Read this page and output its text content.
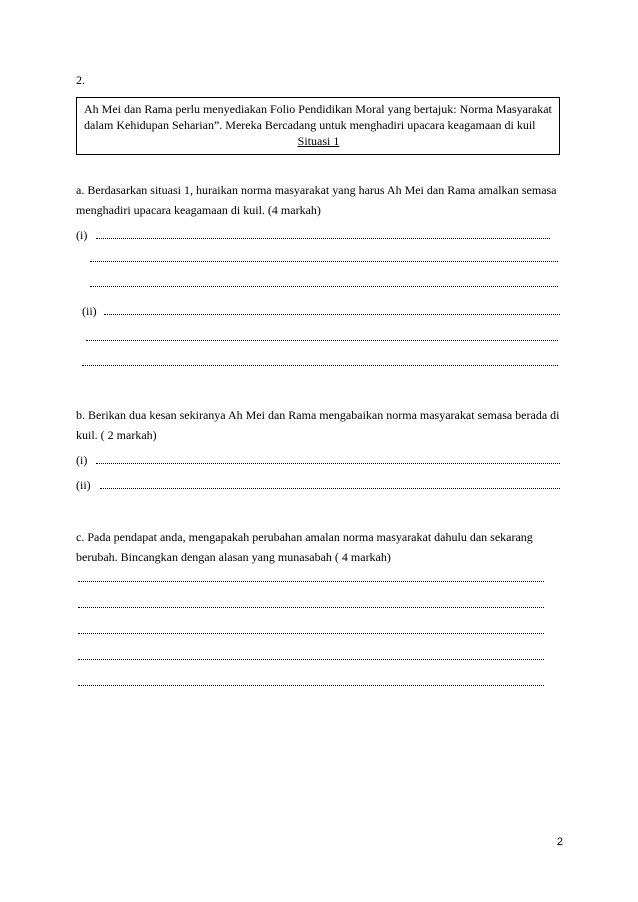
2.
Ah Mei dan Rama perlu menyediakan Folio Pendidikan Moral yang bertajuk: Norma Masyarakat
dalam Kehidupan Seharian”. Mereka Bercadang untuk menghadiri upacara keagamaan di kuil
Situasi 1
a. Berdasarkan situasi 1, huraikan norma masyarakat yang harus Ah Mei dan Rama amalkan semasa
menghadiri upacara keagamaan di kuil. (4 markah)
(i)
(ii)
b. Berikan dua kesan sekiranya Ah Mei dan Rama mengabaikan norma masyarakat semasa berada di
kuil. ( 2 markah)
(i)
(ii)
c. Pada pendapat anda, mengapakah perubahan amalan norma masyarakat dahulu dan sekarang
berubah. Bincangkan dengan alasan yang munasabah ( 4 markah)
2
